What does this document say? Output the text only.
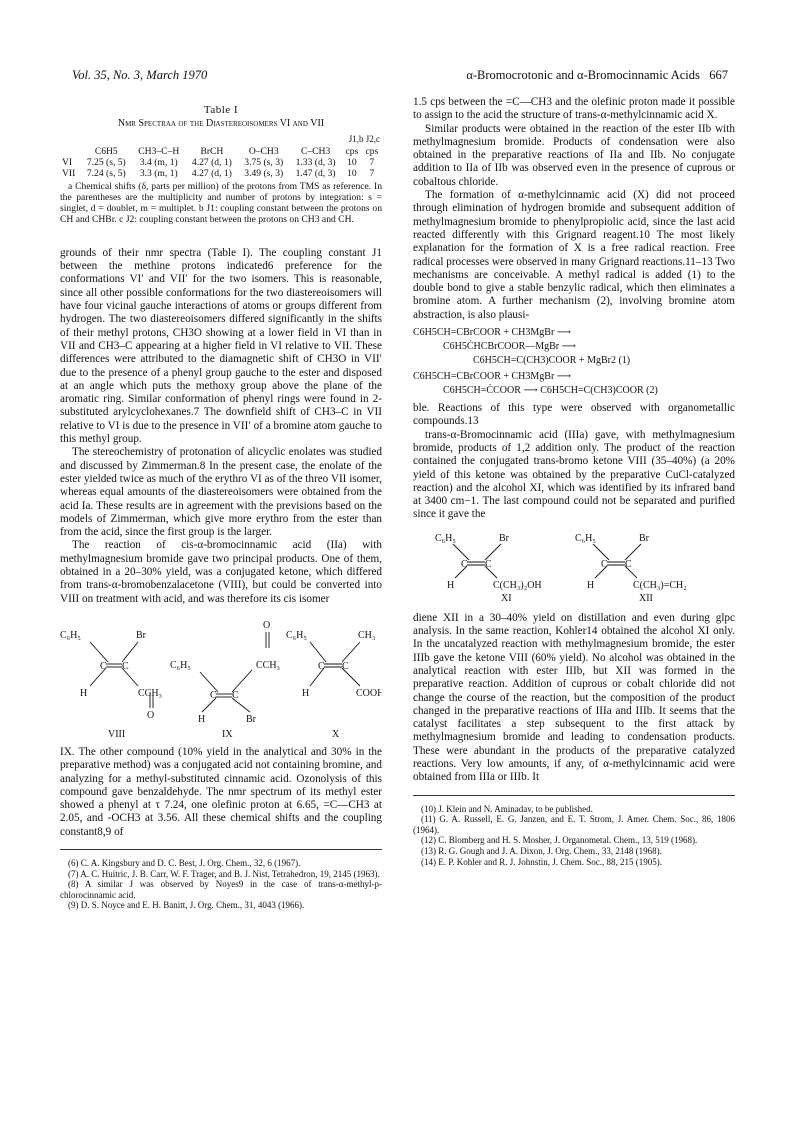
Vol. 35, No. 3, March 1970	α-Bromocrotonic and α-Bromocinnamic Acids 667
Table I
Nmr Spectraa of the Diastereoisomers VI and VII
J1,b J2,c
	C6H5	CH3–C–H	BrCH	O–CH3	C–CH3	cps	cps
VI	7.25 (s, 5)	3.4 (m, 1)	4.27 (d, 1)	3.75 (s, 3)	1.33 (d, 3)	10	7
VII	7.24 (s, 5)	3.3 (m, 1)	4.27 (d, 1)	3.49 (s, 3)	1.47 (d, 3)	10	7

a Chemical shifts (δ, parts per million) of the protons from TMS as reference. In the parentheses are the multiplicity and number of protons by integration: s = singlet, d = doublet, m = multiplet. b J1: coupling constant between the protons on CH and CHBr. c J2: coupling constant between the protons on CH3 and CH.

grounds of their nmr spectra (Table I). The coupling constant J1 between the methine protons indicated6 preference for the conformations VI′ and VII′ for the two isomers. This is reasonable, since all other possible conformations for the two diastereoisomers will have four vicinal gauche interactions of atoms or groups different from hydrogen. The two diastereoisomers differed significantly in the shifts of their methyl protons, CH3O showing at a lower field in VI than in VII and CH3–C appearing at a higher field in VI relative to VII. These differences were attributed to the diamagnetic shift of CH3O in VII′ due to the presence of a phenyl group gauche to the ester and disposed at an angle which puts the methoxy group above the plane of the aromatic ring. Similar conformation of phenyl rings were found in 2-substituted arylcyclohexanes.7 The downfield shift of CH3–C in VII relative to VI is due to the presence in VII′ of a bromine atom gauche to this methyl group.

The stereochemistry of protonation of alicyclic enolates was studied and discussed by Zimmerman.8 In the present case, the enolate of the ester yielded twice as much of the erythro VI as of the threo VII isomer, whereas equal amounts of the diastereoisomers were obtained from the acid Ia. These results are in agreement with the previsions based on the models of Zimmerman, which give more erythro from the ester than from the acid, since the first group is the larger.

The reaction of cis-α-bromocinnamic acid (IIa) with methylmagnesium bromide gave two principal products. One of them, obtained in a 20–30% yield, was a conjugated ketone, which differed from trans-α-bromobenzalacetone (VIII), but could be converted into VIII on treatment with acid, and was therefore its cis isomer

C₆H₅	Br
C C
H	CCH₃
O
C₆H₅	CCH₃
O
C C
H	Br
C₆H₅	CH₃
C C
H	COOH
VIII	IX	X

IX. The other compound (10% yield in the analytical and 30% in the preparative method) was a conjugated acid not containing bromine, and analyzing for a methyl-substituted cinnamic acid. Ozonolysis of this compound gave benzaldehyde. The nmr spectrum of its methyl ester showed a phenyl at τ 7.24, one olefinic proton at 6.65, =C—CH3 at 2.05, and -OCH3 at 3.56. All these chemical shifts and the coupling constant8,9 of

(6) C. A. Kingsbury and D. C. Best, J. Org. Chem., 32, 6 (1967).
(7) A. C. Huitric, J. B. Carr, W. F. Trager, and B. J. Nist, Tetrahedron, 19, 2145 (1963).
(8) A similar J was observed by Noyes9 in the case of trans-α-methyl-p-chlorocinnamic acid.
(9) D. S. Noyce and E. H. Banitt, J. Org. Chem., 31, 4043 (1966).

1.5 cps between the =C—CH3 and the olefinic proton made it possible to assign to the acid the structure of trans-α-methylcinnamic acid X.

Similar products were obtained in the reaction of the ester IIb with methylmagnesium bromide. Products of condensation were also obtained in the preparative reactions of IIa and IIb. No conjugate addition to IIa of IIb was observed even in the presence of cuprous or cobaltous chloride.

The formation of α-methylcinnamic acid (X) did not proceed through elimination of hydrogen bromide and subsequent addition of methylmagnesium bromide to phenylpropiolic acid, since the last acid reacted differently with this Grignard reagent.10 The most likely explanation for the formation of X is a free radical reaction. Free radical processes were observed in many Grignard reactions.11–13 Two mechanisms are conceivable. A methyl radical is added (1) to the double bond to give a stable benzylic radical, which then eliminates a bromine atom. A further mechanism (2), involving bromine atom abstraction, is also plausi-

C6H5CH=CBrCOOR + CH3MgBr ⟶
C6H5ĊHCBrCOOR—MgBr ⟶
C6H5CH=C(CH3)COOR + MgBr2 (1)
C6H5CH=CBrCOOR + CH3MgBr ⟶
C6H5CH=ĊCOOR ⟶ C6H5CH=C(CH3)COOR (2)

ble. Reactions of this type were observed with organometallic compounds.13

trans-α-Bromocinnamic acid (IIIa) gave, with methylmagnesium bromide, products of 1,2 addition only. The product of the reaction contained the conjugated trans-bromo ketone VIII (35–40%) (a 20% yield of this ketone was obtained by the preparative CuCl-catalyzed reaction) and the alcohol XI, which was identified by its infrared band at 3400 cm−1. The last compound could not be separated and purified since it gave the

C₆H₅	Br
C C
H	C(CH₃)₂OH
C₆H₅	Br
C C
H	C(CH₃)=CH₂
XI	XII

diene XII in a 30–40% yield on distillation and even during glpc analysis. In the same reaction, Kohler14 obtained the alcohol XI only. In the uncatalyzed reaction with methylmagnesium bromide, the ester IIIb gave the ketone VIII (60% yield). No alcohol was obtained in the analytical reaction with ester IIIb, but XII was formed in the preparative reaction. Addition of cuprous or cobalt chloride did not change the course of the reaction, but the composition of the product changed in the preparative reactions of IIIa and IIIb. It seems that the catalyst facilitates a step subsequent to the first attack by methylmagnesium bromide and leading to condensation products. These were abundant in the products of the preparative catalyzed reactions. Very low amounts, if any, of α-methylcinnamic acid were obtained from IIIa or IIIb. It

(10) J. Klein and N. Aminadav, to be published.
(11) G. A. Russell, E. G. Janzen, and E. T. Strom, J. Amer. Chem. Soc., 86, 1806 (1964).
(12) C. Blomberg and H. S. Mosher, J. Organometal. Chem., 13, 519 (1968).
(13) R. G. Gough and J. A. Dixon, J. Org. Chem., 33, 2148 (1968).
(14) E. P. Kohler and R. J. Johnstin, J. Chem. Soc., 88, 215 (1905).
